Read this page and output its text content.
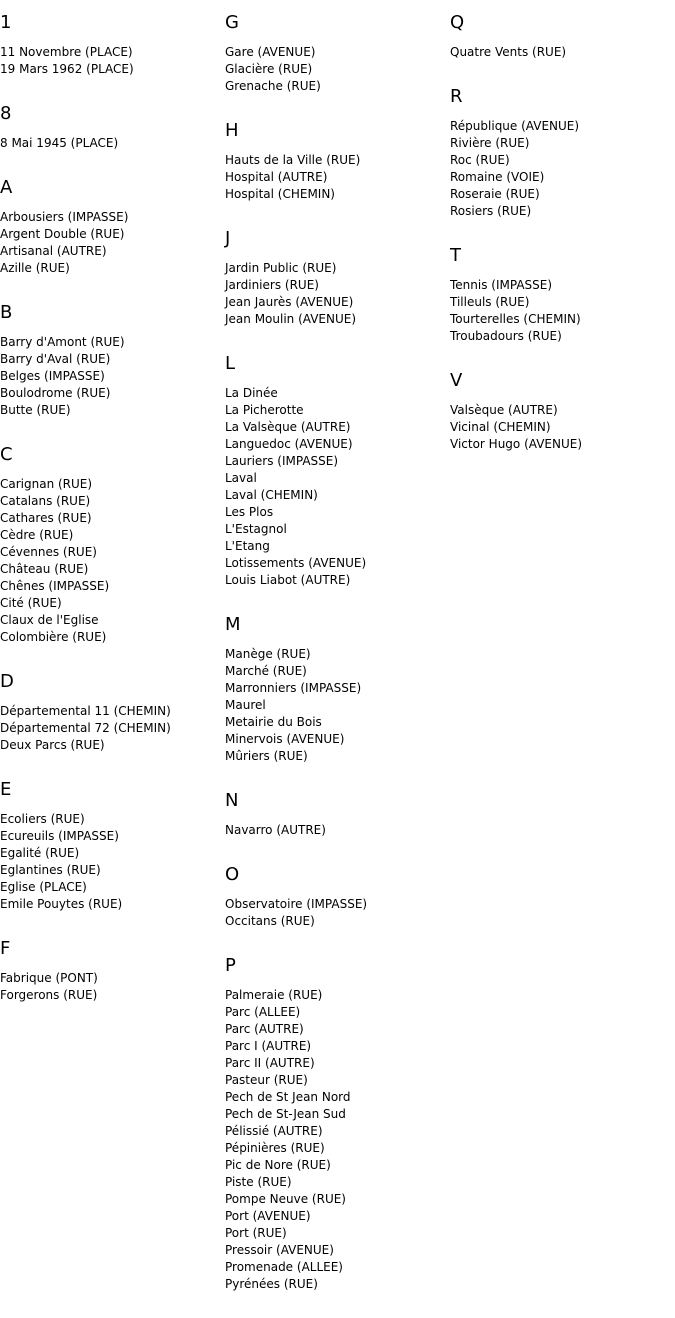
1
11 Novembre (PLACE)
19 Mars 1962 (PLACE)
8
8 Mai 1945 (PLACE)
A
Arbousiers (IMPASSE)
Argent Double (RUE)
Artisanal (AUTRE)
Azille (RUE)
B
Barry d'Amont (RUE)
Barry d'Aval (RUE)
Belges (IMPASSE)
Boulodrome (RUE)
Butte (RUE)
C
Carignan (RUE)
Catalans (RUE)
Cathares (RUE)
Cèdre (RUE)
Cévennes (RUE)
Château (RUE)
Chênes (IMPASSE)
Cité (RUE)
Claux de l'Eglise
Colombière (RUE)
D
Départemental 11 (CHEMIN)
Départemental 72 (CHEMIN)
Deux Parcs (RUE)
E
Ecoliers (RUE)
Ecureuils (IMPASSE)
Egalité (RUE)
Eglantines (RUE)
Eglise (PLACE)
Emile Pouytes (RUE)
F
Fabrique (PONT)
Forgerons (RUE)
G
Gare (AVENUE)
Glacière (RUE)
Grenache (RUE)
H
Hauts de la Ville (RUE)
Hospital (AUTRE)
Hospital (CHEMIN)
J
Jardin Public (RUE)
Jardiniers (RUE)
Jean Jaurès (AVENUE)
Jean Moulin (AVENUE)
L
La Dinée
La Picherotte
La Valsèque (AUTRE)
Languedoc (AVENUE)
Lauriers (IMPASSE)
Laval
Laval (CHEMIN)
Les Plos
L'Estagnol
L'Etang
Lotissements (AVENUE)
Louis Liabot (AUTRE)
M
Manège (RUE)
Marché (RUE)
Marronniers (IMPASSE)
Maurel
Metairie du Bois
Minervois (AVENUE)
Mûriers (RUE)
N
Navarro (AUTRE)
O
Observatoire (IMPASSE)
Occitans (RUE)
P
Palmeraie (RUE)
Parc (ALLEE)
Parc (AUTRE)
Parc I (AUTRE)
Parc II (AUTRE)
Pasteur (RUE)
Pech de St Jean Nord
Pech de St-Jean Sud
Pélissié (AUTRE)
Pépinières (RUE)
Pic de Nore (RUE)
Piste (RUE)
Pompe Neuve (RUE)
Port (AVENUE)
Port (RUE)
Pressoir (AVENUE)
Promenade (ALLEE)
Pyrénées (RUE)
Q
Quatre Vents (RUE)
R
République (AVENUE)
Rivière (RUE)
Roc (RUE)
Romaine (VOIE)
Roseraie (RUE)
Rosiers (RUE)
T
Tennis (IMPASSE)
Tilleuls (RUE)
Tourterelles (CHEMIN)
Troubadours (RUE)
V
Valsèque (AUTRE)
Vicinal (CHEMIN)
Victor Hugo (AVENUE)
